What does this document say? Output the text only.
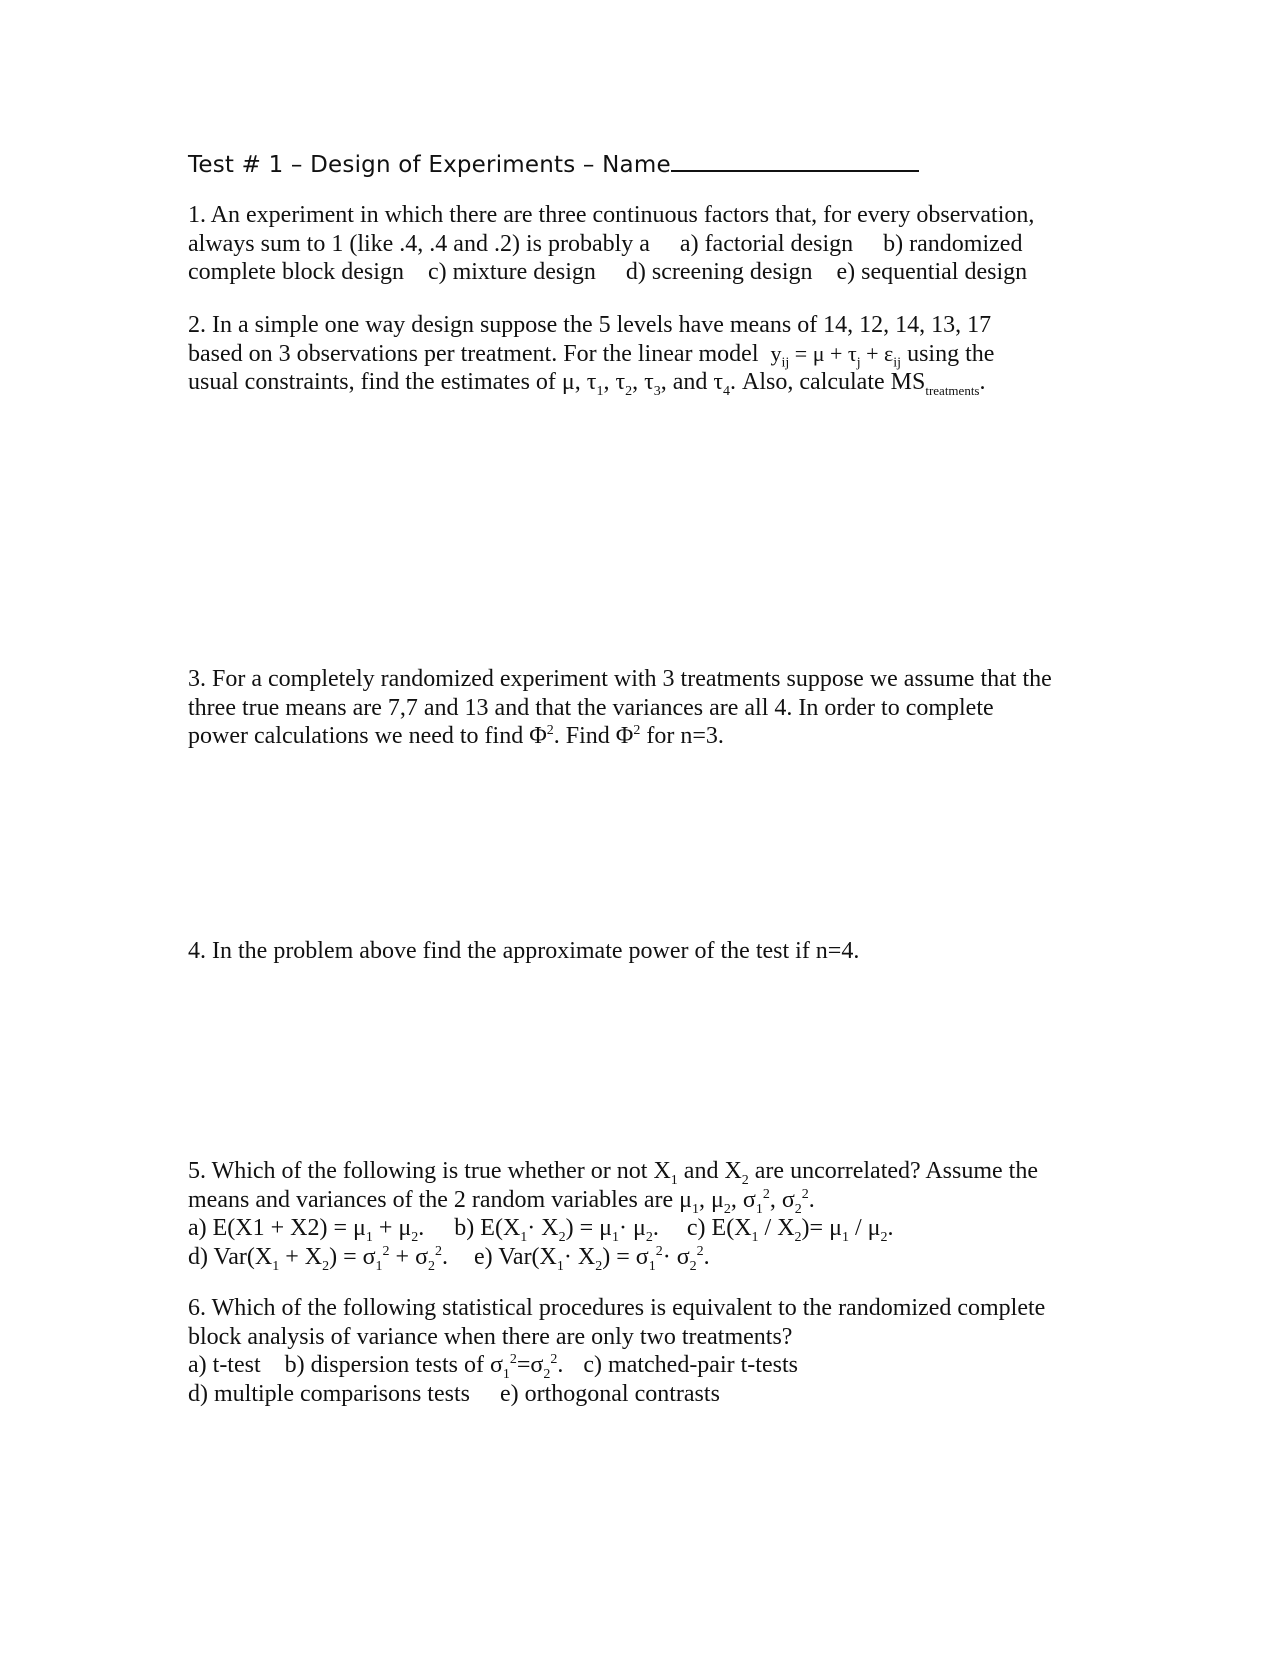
Test # 1 – Design of Experiments – Name
1. An experiment in which there are three continuous factors that, for every observation,
always sum to 1 (like .4, .4 and .2) is probably a a) factorial design b) randomized
complete block design c) mixture design d) screening design e) sequential design
2. In a simple one way design suppose the 5 levels have means of 14, 12, 14, 13, 17
based on 3 observations per treatment. For the linear model $y_{ij} = \mu + \tau_j + \varepsilon_{ij}$ using the
usual constraints, find the estimates of μ, $\tau_1$, $\tau_2$, $\tau_3$, and $\tau_4$. Also, calculate $MS_{treatments}$.
3. For a completely randomized experiment with 3 treatments suppose we assume that the
three true means are 7,7 and 13 and that the variances are all 4. In order to complete
power calculations we need to find $\Phi^2$. Find $\Phi^2$ for n=3.
4. In the problem above find the approximate power of the test if n=4.
5. Which of the following is true whether or not $X_1$ and $X_2$ are uncorrelated? Assume the
means and variances of the 2 random variables are $\mu_1$, $\mu_2$, $\sigma_1^2$, $\sigma_2^2$.
a) $E(X1 + X2) = \mu_1 + \mu_2$. b) $E(X_1\cdot X_2) = \mu_1\cdot \mu_2$. c) $E(X_1 / X_2)= \mu_1 / \mu_2$.
d) $Var(X_1 + X_2) = \sigma_1^2 + \sigma_2^2$. e) $Var(X_1\cdot X_2) = \sigma_1^2\cdot \sigma_2^2$.
6. Which of the following statistical procedures is equivalent to the randomized complete
block analysis of variance when there are only two treatments?
a) t-test b) dispersion tests of $\sigma_1^2=\sigma_2^2$. c) matched-pair t-tests
d) multiple comparisons tests e) orthogonal contrasts
